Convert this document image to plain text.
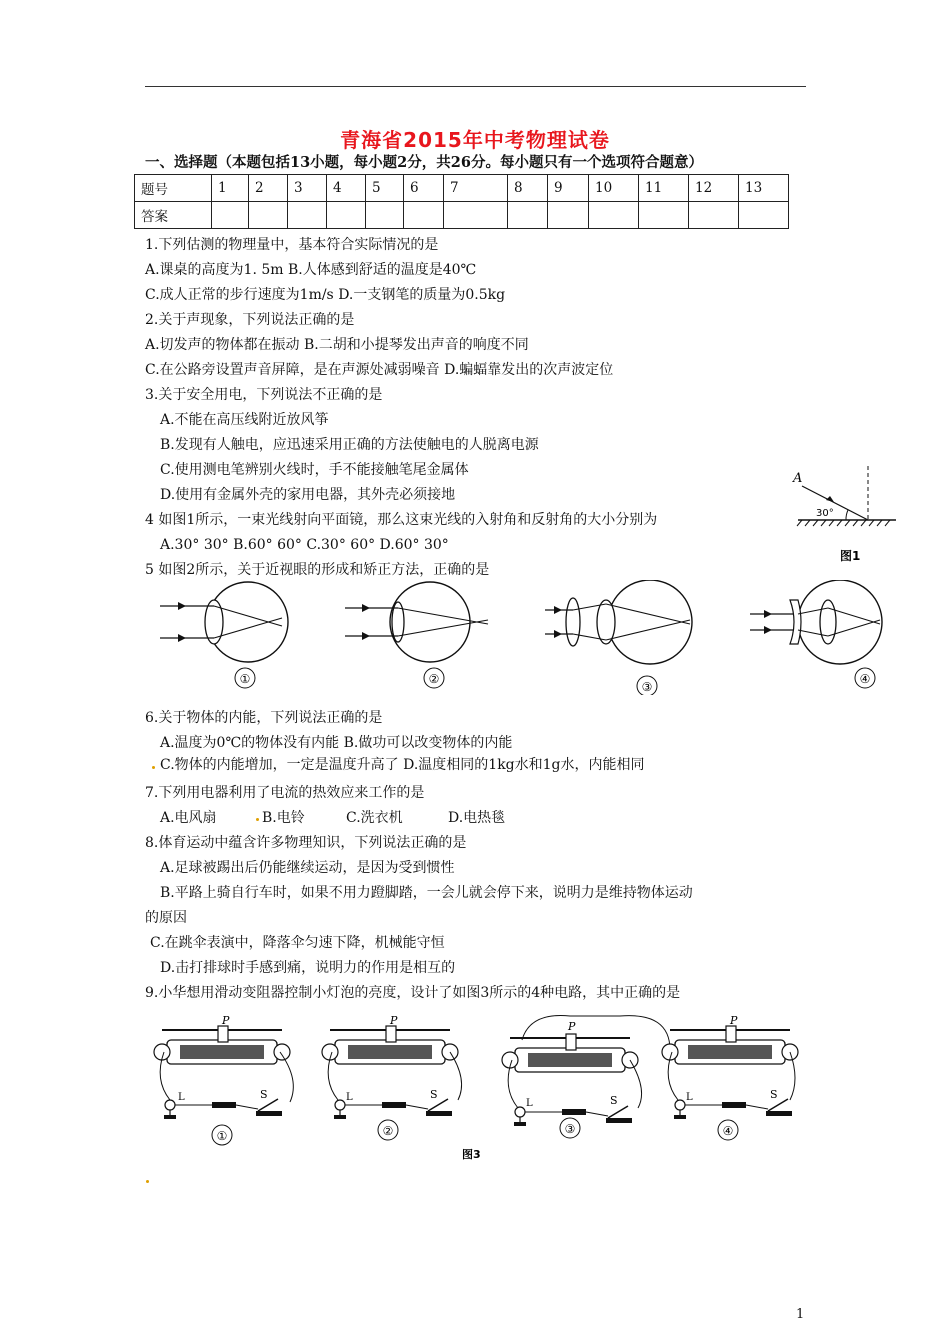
青海省2015年中考物理试卷
一、选择题（本题包括13小题，每小题2分，共26分。每小题只有一个选项符合题意）
题号	1	2	3	4	5	6	7	8	9	10	11	12	13
答案													
1.下列估测的物理量中，基本符合实际情况的是
A.课桌的高度为1. 5m B.人体感到舒适的温度是40℃
C.成人正常的步行速度为1m/s D.一支钢笔的质量为0.5kg
2.关于声现象，下列说法正确的是
A.切发声的物体都在振动 B.二胡和小提琴发出声音的响度不同
C.在公路旁设置声音屏障，是在声源处减弱噪音 D.蝙蝠靠发出的次声波定位
3.关于安全用电，下列说法不正确的是
A.不能在高压线附近放风筝
B.发现有人触电，应迅速采用正确的方法使触电的人脱离电源
C.使用测电笔辨别火线时，手不能接触笔尾金属体
D.使用有金属外壳的家用电器，其外壳必须接地
4 如图1所示，一束光线射向平面镜，那么这束光线的入射角和反射角的大小分别为
A.30° 30° B.60° 60° C.30° 60° D.60° 30°
5 如图2所示，关于近视眼的形成和矫正方法，正确的是
A
30°
图1
①	②
③
④
6.关于物体的内能，下列说法正确的是
A.温度为0℃的物体没有内能 B.做功可以改变物体的内能
C.物体的内能增加，一定是温度升高了 D.温度相同的1kg水和1g水，内能相同
7.下列用电器利用了电流的热效应来工作的是
A.电风扇	B.电铃	C.洗衣机	D.电热毯
8.体育运动中蕴含许多物理知识，下列说法正确的是
A.足球被踢出后仍能继续运动，是因为受到惯性
B.平路上骑自行车时，如果不用力蹬脚踏，一会儿就会停下来，说明力是维持物体运动
的原因
C.在跳伞表演中，降落伞匀速下降，机械能守恒
D.击打排球时手感到痛，说明力的作用是相互的
9.小华想用滑动变阻器控制小灯泡的亮度，设计了如图3所示的4种电路，其中正确的是
P
L	S
①
P
L	S
②
P
L	S
③
P
L	S
④
图3
1
